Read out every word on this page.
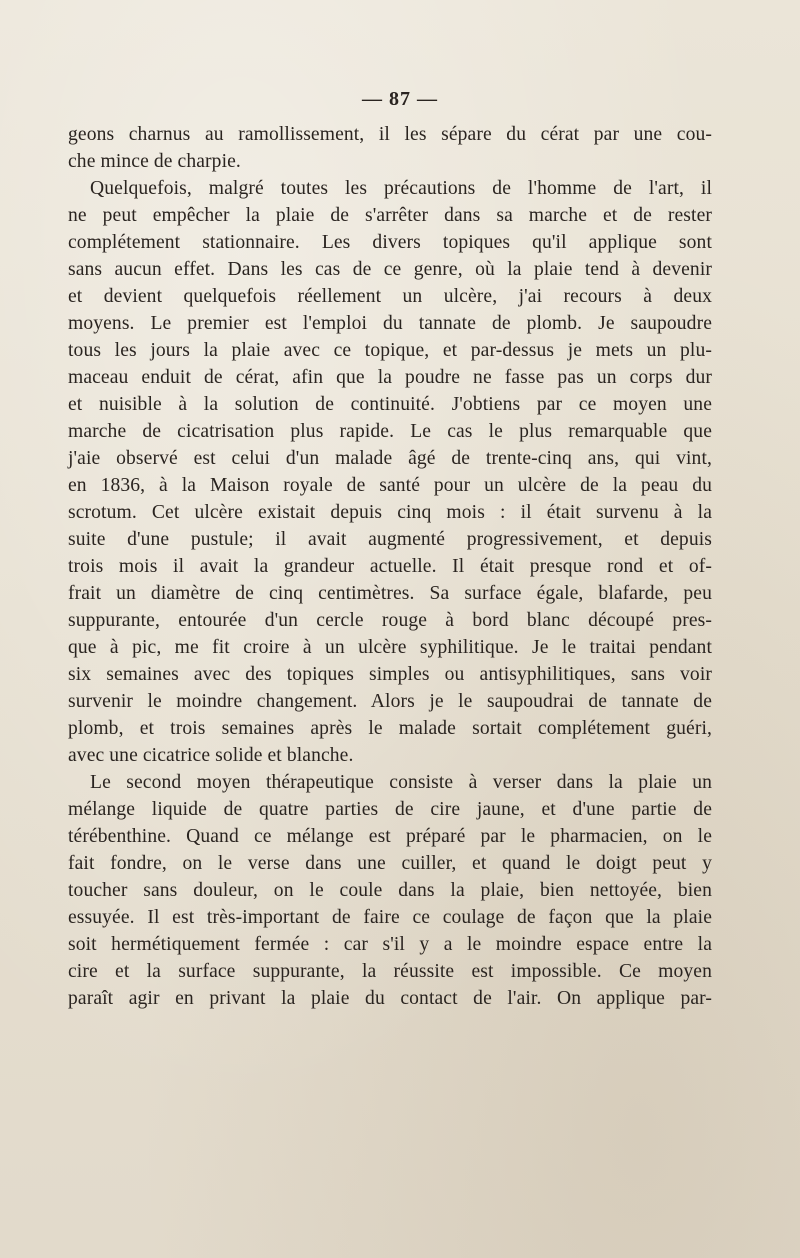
— 87 —
geons charnus au ramollissement, il les sépare du cérat par une cou-
che mince de charpie.
Quelquefois, malgré toutes les précautions de l'homme de l'art, il
ne peut empêcher la plaie de s'arrêter dans sa marche et de rester
complétement stationnaire. Les divers topiques qu'il applique sont
sans aucun effet. Dans les cas de ce genre, où la plaie tend à devenir
et devient quelquefois réellement un ulcère, j'ai recours à deux
moyens. Le premier est l'emploi du tannate de plomb. Je saupoudre
tous les jours la plaie avec ce topique, et par-dessus je mets un plu-
maceau enduit de cérat, afin que la poudre ne fasse pas un corps dur
et nuisible à la solution de continuité. J'obtiens par ce moyen une
marche de cicatrisation plus rapide. Le cas le plus remarquable que
j'aie observé est celui d'un malade âgé de trente-cinq ans, qui vint,
en 1836, à la Maison royale de santé pour un ulcère de la peau du
scrotum. Cet ulcère existait depuis cinq mois : il était survenu à la
suite d'une pustule; il avait augmenté progressivement, et depuis
trois mois il avait la grandeur actuelle. Il était presque rond et of-
frait un diamètre de cinq centimètres. Sa surface égale, blafarde, peu
suppurante, entourée d'un cercle rouge à bord blanc découpé pres-
que à pic, me fit croire à un ulcère syphilitique. Je le traitai pendant
six semaines avec des topiques simples ou antisyphilitiques, sans voir
survenir le moindre changement. Alors je le saupoudrai de tannate de
plomb, et trois semaines après le malade sortait complétement guéri,
avec une cicatrice solide et blanche.
Le second moyen thérapeutique consiste à verser dans la plaie un
mélange liquide de quatre parties de cire jaune, et d'une partie de
térébenthine. Quand ce mélange est préparé par le pharmacien, on le
fait fondre, on le verse dans une cuiller, et quand le doigt peut y
toucher sans douleur, on le coule dans la plaie, bien nettoyée, bien
essuyée. Il est très-important de faire ce coulage de façon que la plaie
soit hermétiquement fermée : car s'il y a le moindre espace entre la
cire et la surface suppurante, la réussite est impossible. Ce moyen
paraît agir en privant la plaie du contact de l'air. On applique par-
